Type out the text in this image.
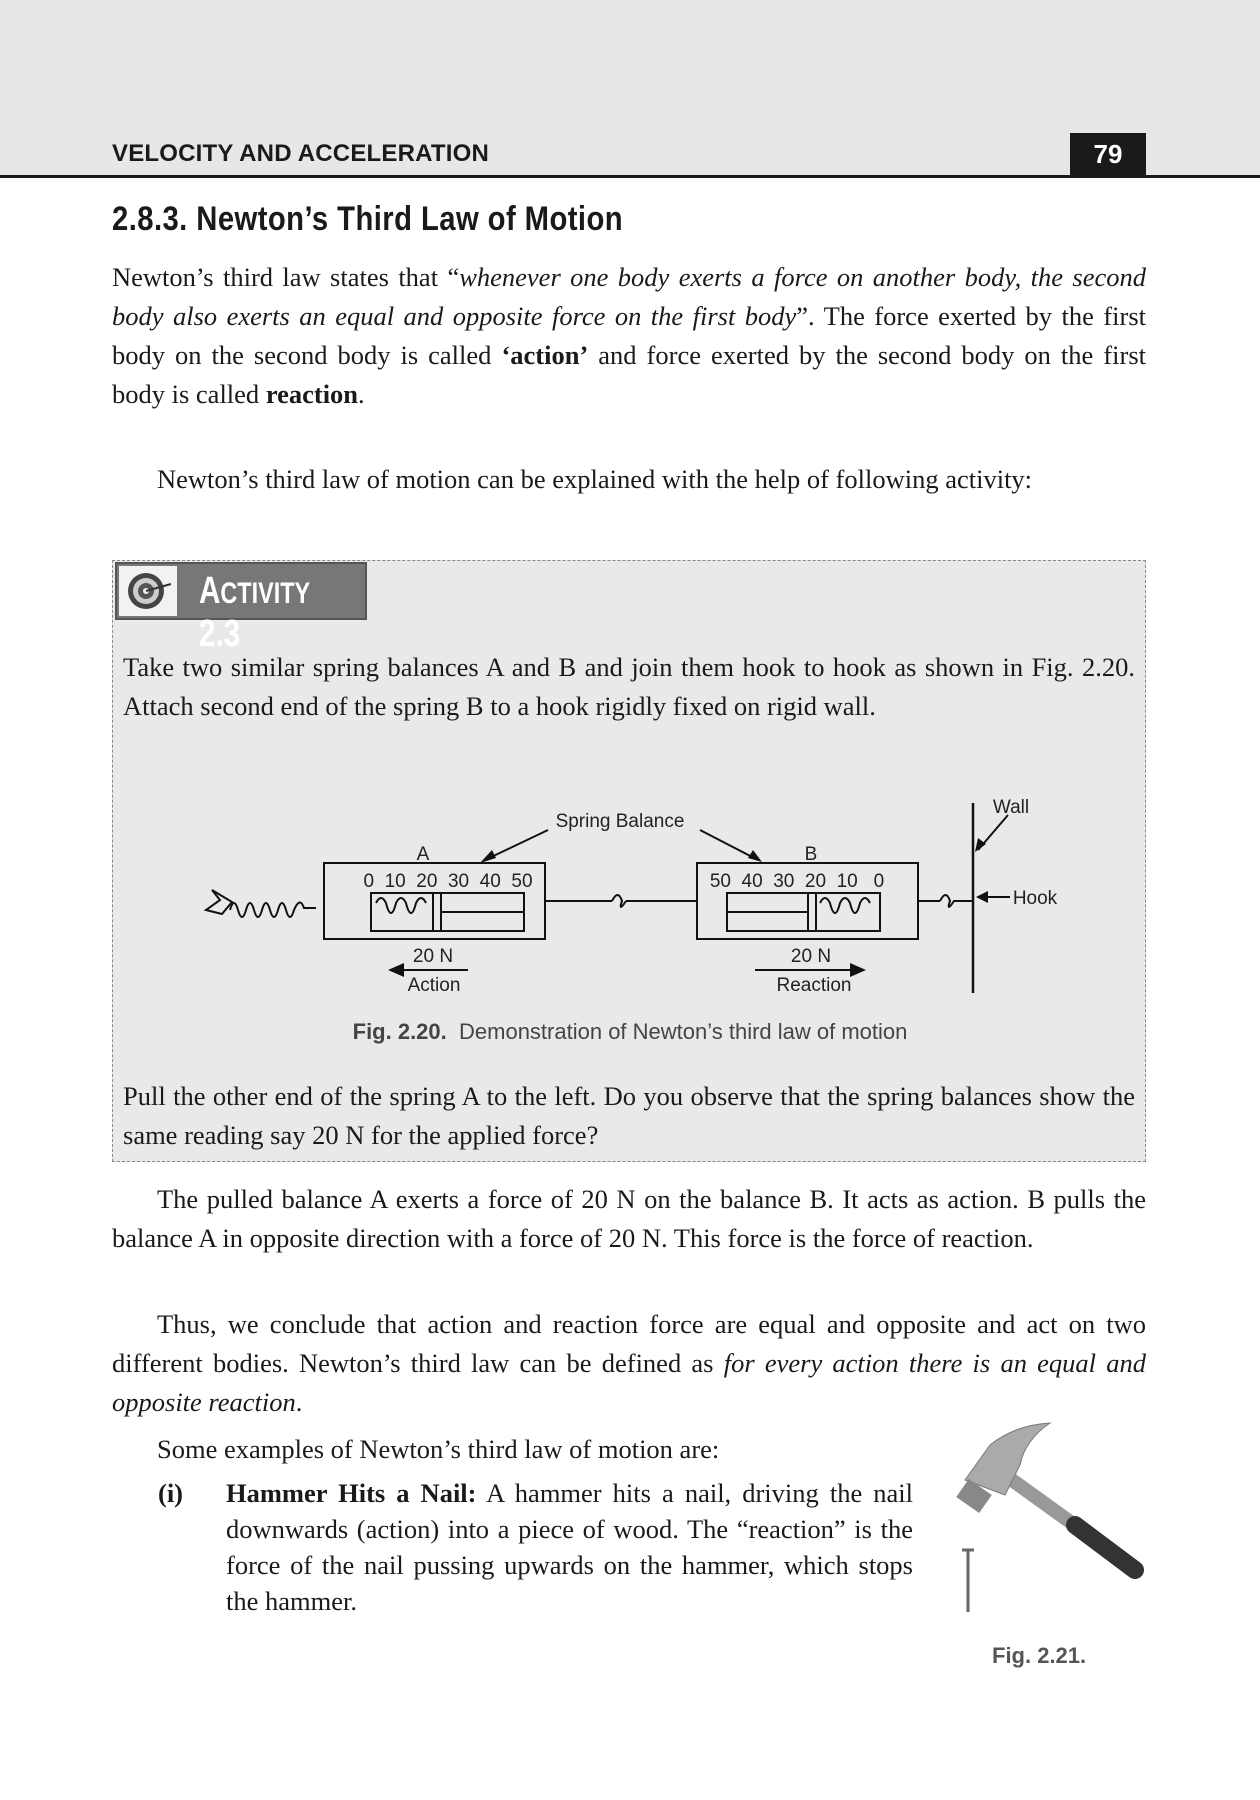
VELOCITY AND ACCELERATION	79
2.8.3. Newton’s Third Law of Motion
Newton’s third law states that “whenever one body exerts a force on another body, the second body also exerts an equal and opposite force on the first body”. The force exerted by the first body on the second body is called ‘action’ and force exerted by the second body on the first body is called reaction.
Newton’s third law of motion can be explained with the help of following activity:
ACTIVITY 2.3
Take two similar spring balances A and B and join them hook to hook as shown in Fig. 2.20. Attach second end of the spring B to a hook rigidly fixed on rigid wall.
Spring Balance
A	B
Wall
Hook
0  10  20  30  40  50	50  40  30  20  10   0
20 N	20 N
Action	Reaction
Fig. 2.20. Demonstration of Newton’s third law of motion
Pull the other end of the spring A to the left. Do you observe that the spring balances show the same reading say 20 N for the applied force?
The pulled balance A exerts a force of 20 N on the balance B. It acts as action. B pulls the balance A in opposite direction with a force of 20 N. This force is the force of reaction.
Thus, we conclude that action and reaction force are equal and opposite and act on two different bodies. Newton’s third law can be defined as for every action there is an equal and opposite reaction.
Some examples of Newton’s third law of motion are:
(i) Hammer Hits a Nail: A hammer hits a nail, driving the nail downwards (action) into a piece of wood. The “reaction” is the force of the nail pussing upwards on the hammer, which stops the hammer.
Fig. 2.21.
